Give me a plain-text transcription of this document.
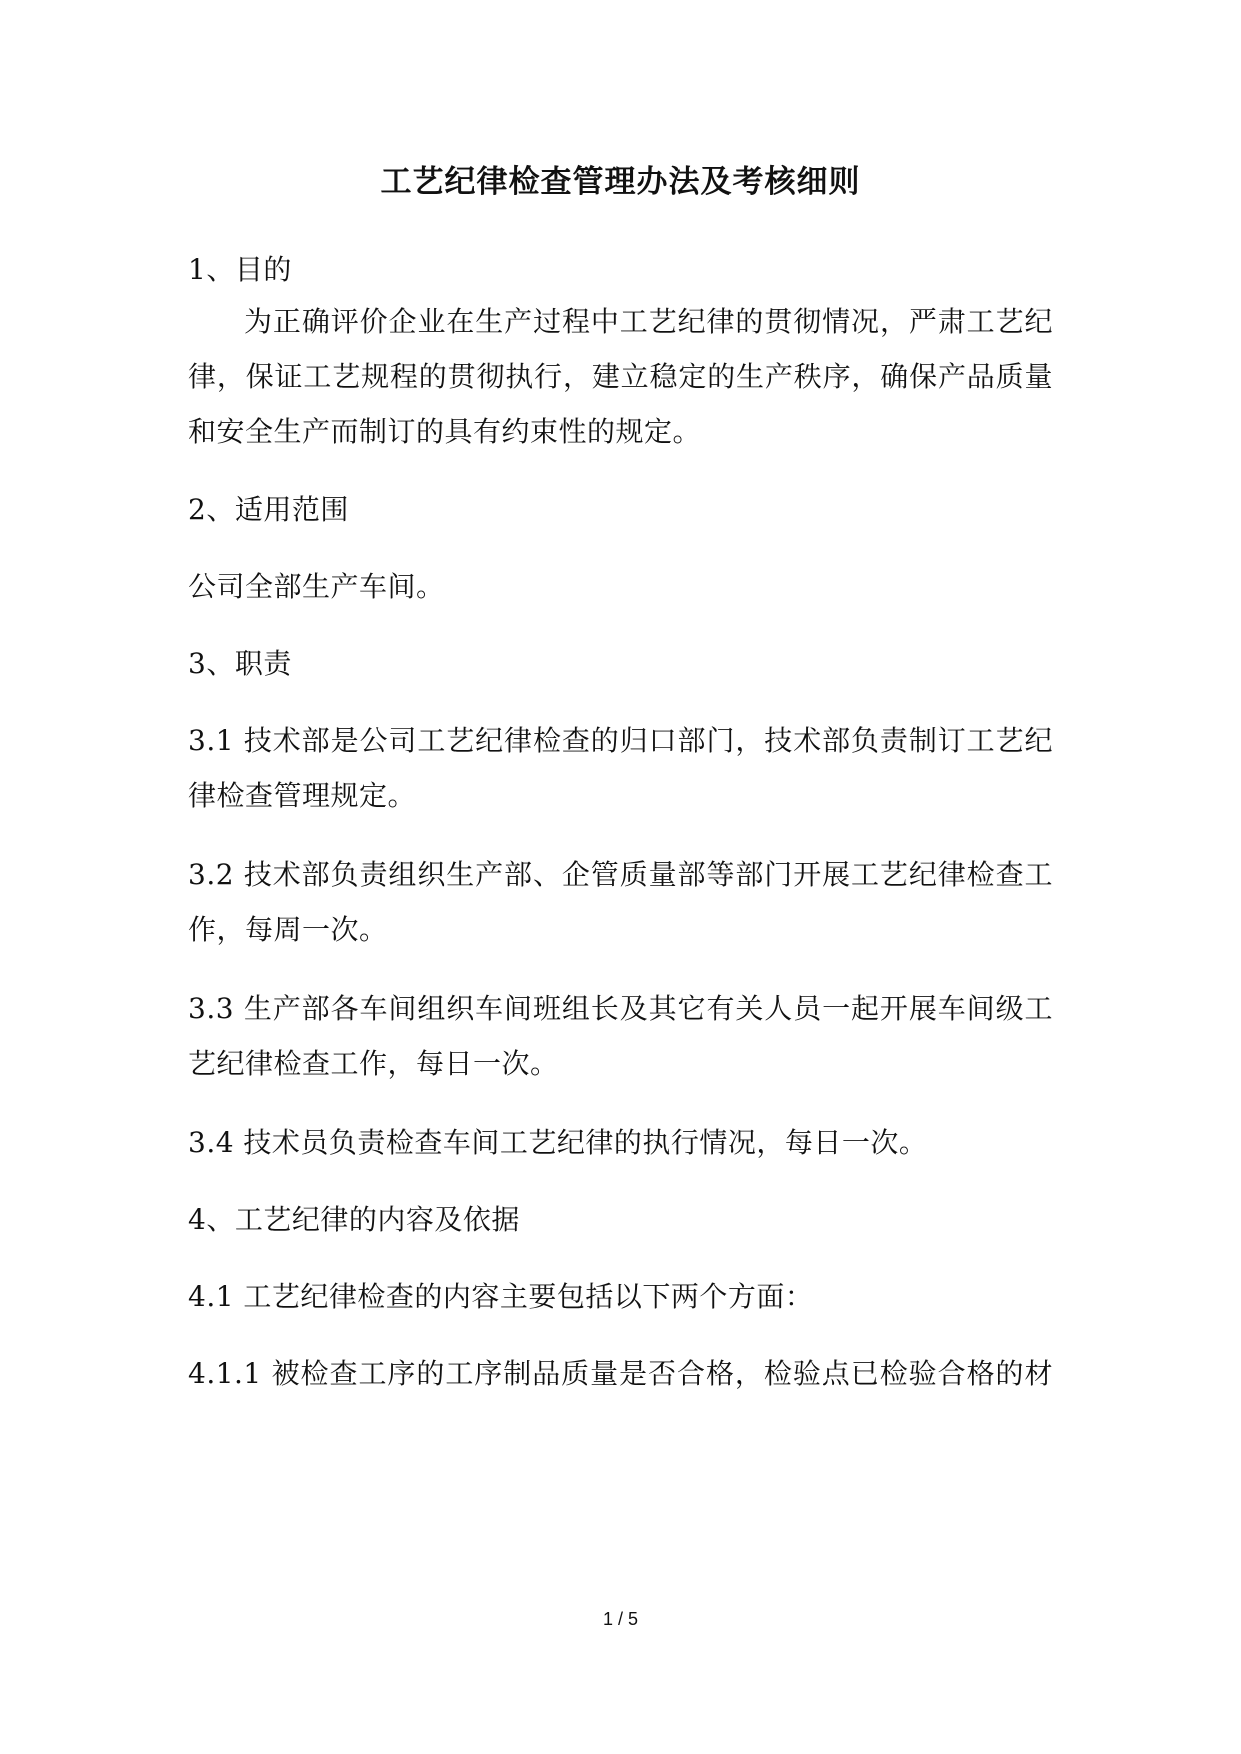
工艺纪律检查管理办法及考核细则
1、目的
为正确评价企业在生产过程中工艺纪律的贯彻情况，严肃工艺纪
律，保证工艺规程的贯彻执行，建立稳定的生产秩序，确保产品质量
和安全生产而制订的具有约束性的规定。
2、适用范围
公司全部生产车间。
3、职责
3.1 技术部是公司工艺纪律检查的归口部门，技术部负责制订工艺纪
律检查管理规定。
3.2 技术部负责组织生产部、企管质量部等部门开展工艺纪律检查工
作，每周一次。
3.3 生产部各车间组织车间班组长及其它有关人员一起开展车间级工
艺纪律检查工作，每日一次。
3.4 技术员负责检查车间工艺纪律的执行情况，每日一次。
4、工艺纪律的内容及依据
4.1 工艺纪律检查的内容主要包括以下两个方面：
4.1.1 被检查工序的工序制品质量是否合格，检验点已检验合格的材
1 / 5
